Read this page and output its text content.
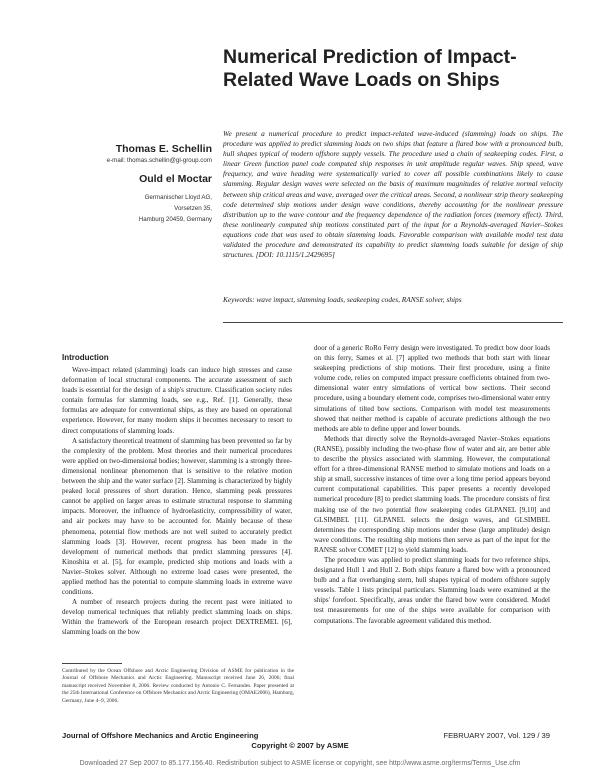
Numerical Prediction of Impact-Related Wave Loads on Ships
Thomas E. Schellin
e-mail: thomas.schellin@gl-group.com
Ould el Moctar
Germanischer Lloyd AG,
Vorsetzen 35,
Hamburg 20459, Germany
We present a numerical procedure to predict impact-related wave-induced (slamming) loads on ships. The procedure was applied to predict slamming loads on two ships that feature a flared bow with a pronounced bulb, hull shapes typical of modern offshore supply vessels. The procedure used a chain of seakeeping codes. First, a linear Green function panel code computed ship responses in unit amplitude regular waves. Ship speed, wave frequency, and wave heading were systematically varied to cover all possible combinations likely to cause slamming. Regular design waves were selected on the basis of maximum magnitudes of relative normal velocity between ship critical areas and wave, averaged over the critical areas. Second, a nonlinear strip theory seakeeping code determined ship motions under design wave conditions, thereby accounting for the nonlinear pressure distribution up to the wave contour and the frequency dependence of the radiation forces (memory effect). Third, these nonlinearly computed ship motions constituted part of the input for a Reynolds-averaged Navier–Stokes equations code that was used to obtain slamming loads. Favorable comparison with available model test data validated the procedure and demonstrated its capability to predict slamming loads suitable for design of ship structures. [DOI: 10.1115/1.2429695]
Keywords: wave impact, slamming loads, seakeeping codes, RANSE solver, ships

Introduction

Wave-impact related (slamming) loads can induce high stresses and cause deformation of local structural components. The accurate assessment of such loads is essential for the design of a ship's structure. Classification society rules contain formulas for slamming loads, see e.g., Ref. [1]. Generally, these formulas are adequate for conventional ships, as they are based on operational experience. However, for many modern ships it becomes necessary to resort to direct computations of slamming loads.

A satisfactory theoretical treatment of slamming has been prevented so far by the complexity of the problem. Most theories and their numerical procedures were applied on two-dimensional bodies; however, slamming is a strongly three-dimensional nonlinear phenomenon that is sensitive to the relative motion between the ship and the water surface [2]. Slamming is characterized by highly peaked local pressures of short duration. Hence, slamming peak pressures cannot be applied on larger areas to estimate structural response to slamming impacts. Moreover, the influence of hydroelasticity, compressibility of water, and air pockets may have to be accounted for. Mainly because of these phenomena, potential flow methods are not well suited to accurately predict slamming loads [3]. However, recent progress has been made in the development of numerical methods that predict slamming pressures [4]. Kinoshita et al. [5], for example, predicted ship motions and loads with a Navier–Stokes solver. Although no extreme load cases were presented, the applied method has the potential to compute slamming loads in extreme wave conditions.

A number of research projects during the recent past were initiated to develop numerical techniques that reliably predict slamming loads on ships. Within the framework of the European research project DEXTREMEL [6], slamming loads on the bow

Contributed by the Ocean Offshore and Arctic Engineering Division of ASME for publication in the Journal of Offshore Mechanics and Arctic Engineering. Manuscript received June 26, 2006; final manuscript received November 8, 2006. Review conducted by Antonio C. Fernandes. Paper presented at the 25th International Conference on Offshore Mechanics and Arctic Engineering (OMAE2006), Hamburg, Germany, June 4–9, 2006.

door of a generic RoRo Ferry design were investigated. To predict bow door loads on this ferry, Sames et al. [7] applied two methods that both start with linear seakeeping predictions of ship motions. Their first procedure, using a finite volume code, relies on computed impact pressure coefficients obtained from two-dimensional water entry simulations of vertical bow sections. Their second procedure, using a boundary element code, comprises two-dimensional water entry simulations of tilted bow sections. Comparison with model test measurements showed that neither method is capable of accurate predictions although the two methods are able to define upper and lower bounds.

Methods that directly solve the Reynolds-averaged Navier–Stokes equations (RANSE), possibly including the two-phase flow of water and air, are better able to describe the physics associated with slamming. However, the computational effort for a three-dimensional RANSE method to simulate motions and loads on a ship at small, successive instances of time over a long time period appears beyond current computational capabilities. This paper presents a recently developed numerical procedure [8] to predict slamming loads. The procedure consists of first making use of the two potential flow seakeeping codes GLPANEL [9,10] and GLSIMBEL [11]. GLPANEL selects the design waves, and GLSIMBEL determines the corresponding ship motions under these (large amplitude) design wave conditions. The resulting ship motions then serve as part of the input for the RANSE solver COMET [12] to yield slamming loads.

The procedure was applied to predict slamming loads for two reference ships, designated Hull 1 and Hull 2. Both ships feature a flared bow with a pronounced bulb and a flat overhanging stern, hull shapes typical of modern offshore supply vessels. Table 1 lists principal particulars. Slamming loads were examined at the ships' forefoot. Specifically, areas under the flared bow were considered. Model test measurements for one of the ships were available for comparison with computations. The favorable agreement validated this method.

Journal of Offshore Mechanics and Arctic Engineering	FEBRUARY 2007, Vol. 129 / 39
Copyright © 2007 by ASME
Downloaded 27 Sep 2007 to 85.177.156.40. Redistribution subject to ASME license or copyright, see http://www.asme.org/terms/Terms_Use.cfm
